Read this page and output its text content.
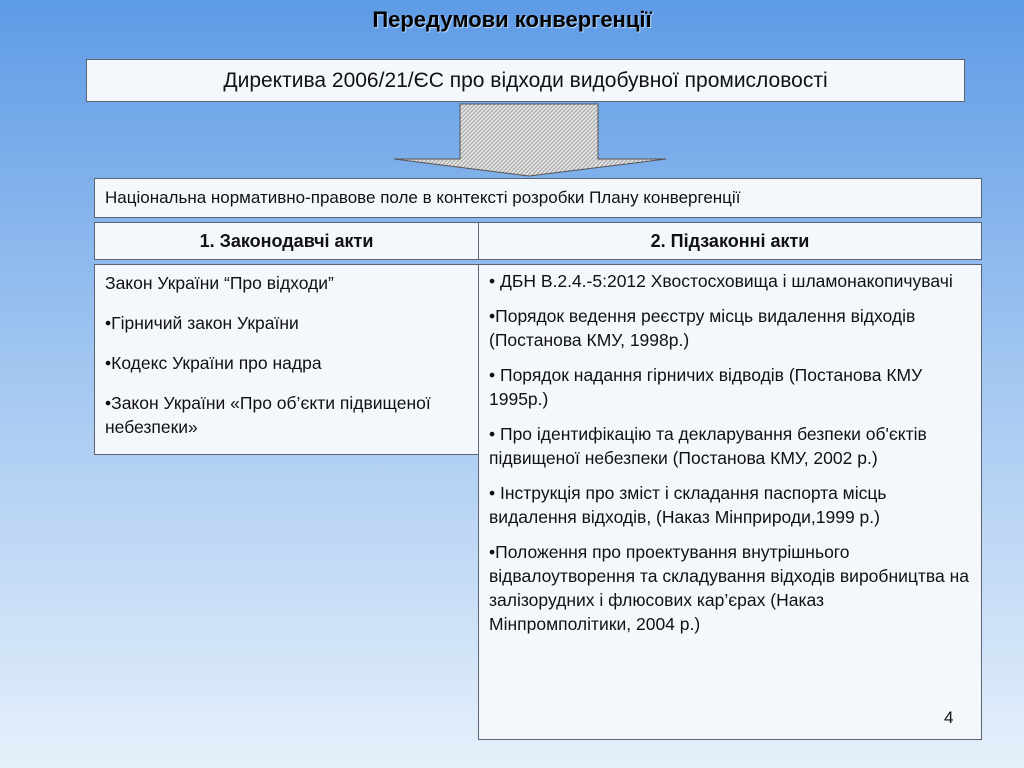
Передумови конвергенції
Директива 2006/21/ЄС про відходи видобувної промисловості
Національна нормативно-правове поле в контексті розробки Плану конвергенції
1. Законодавчі акти	2. Підзаконні акти

Закон України “Про відходи”

•Гірничий закон України

•Кодекс України про надра

•Закон України «Про об’єкти підвищеної небезпеки»

• ДБН В.2.4.-5:2012 Хвостосховища і шламонакопичувачі

•Порядок ведення реєстру місць видалення відходів (Постанова КМУ, 1998р.)

• Порядок надання гірничих відводів (Постанова КМУ 1995р.)

• Про ідентифікацію та декларування безпеки об'єктів підвищеної небезпеки (Постанова КМУ, 2002 р.)

• Інструкція про зміст і складання паспорта місць видалення відходів, (Наказ Мінприроди,1999 р.)

•Положення про проектування внутрішнього відвалоутворення та складування відходів виробництва на залізорудних і флюсових кар’єрах (Наказ Мінпромполітики, 2004 р.)

4
